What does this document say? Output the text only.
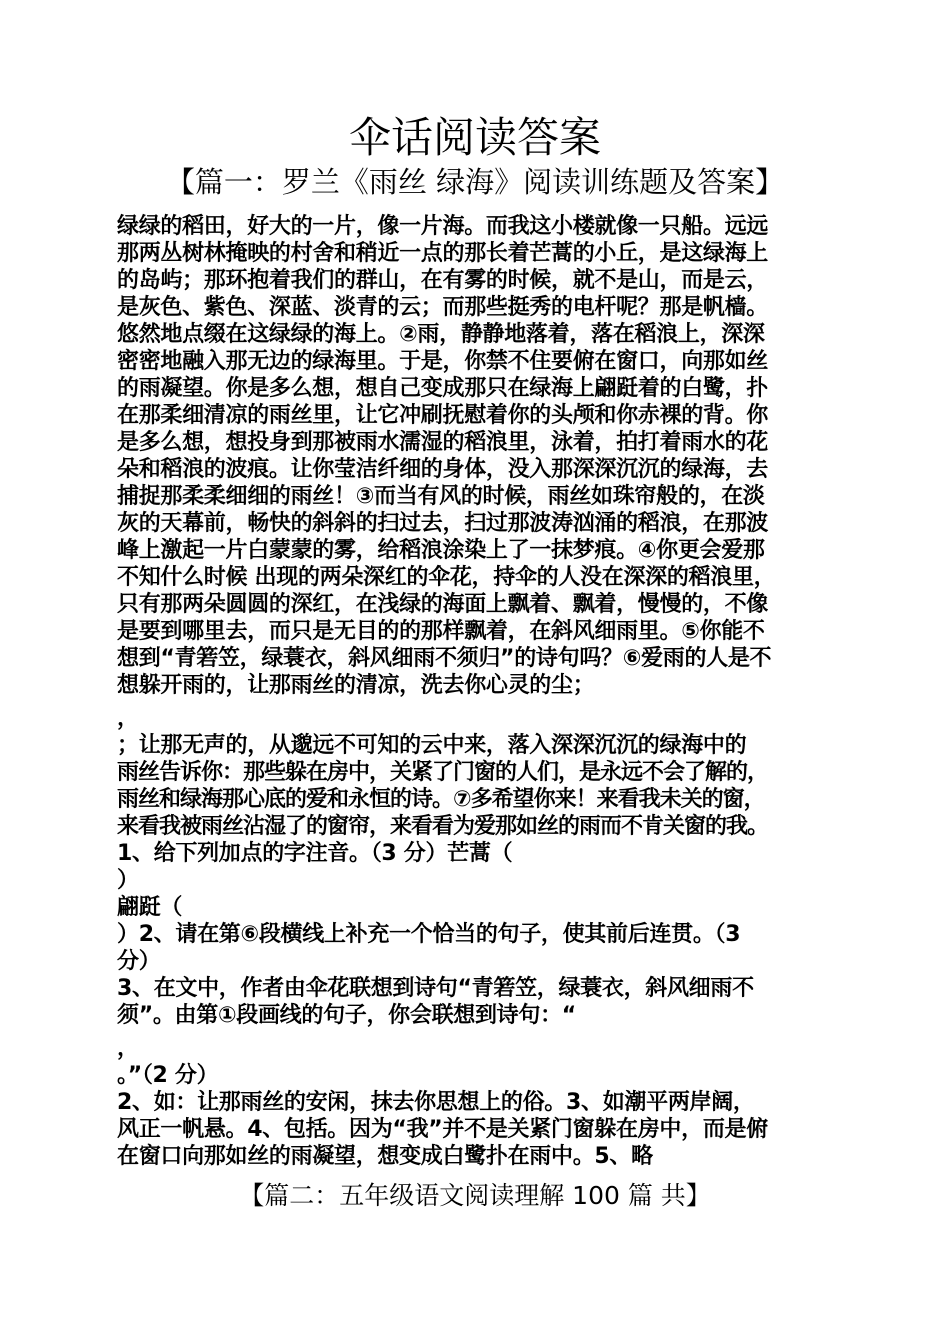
伞话阅读答案
【篇一：罗兰《雨丝 绿海》阅读训练题及答案】
绿绿的稻田，好大的一片，像一片海。而我这小楼就像一只船。远远
那两丛树林掩映的村舍和稍近一点的那长着芒蒿的小丘，是这绿海上
的岛屿；那环抱着我们的群山，在有雾的时候，就不是山，而是云，
是灰色、紫色、深蓝、淡青的云；而那些挺秀的电杆呢？那是帆樯。
悠然地点缀在这绿绿的海上。②雨，静静地落着，落在稻浪上，深深
密密地融入那无边的绿海里。于是，你禁不住要俯在窗口，向那如丝
的雨凝望。你是多么想，想自己变成那只在绿海上翩跹着的白鹭，扑
在那柔细清凉的雨丝里，让它冲刷抚慰着你的头颅和你赤裸的背。你
是多么想，想投身到那被雨水濡湿的稻浪里，泳着，拍打着雨水的花
朵和稻浪的波痕。让你莹洁纤细的身体，没入那深深沉沉的绿海，去
捕捉那柔柔细细的雨丝！③而当有风的时候，雨丝如珠帘般的，在淡
灰的天幕前，畅快的斜斜的扫过去，扫过那波涛汹涌的稻浪，在那波
峰上激起一片白蒙蒙的雾，给稻浪涂染上了一抹梦痕。④你更会爱那
不知什么时候 出现的两朵深红的伞花，持伞的人没在深深的稻浪里，
只有那两朵圆圆的深红，在浅绿的海面上飘着、飘着，慢慢的，不像
是要到哪里去，而只是无目的的那样飘着，在斜风细雨里。⑤你能不
想到“青箬笠，绿蓑衣，斜风细雨不须归”的诗句吗？⑥爱雨的人是不
想躲开雨的，让那雨丝的清凉，洗去你心灵的尘；
，
；让那无声的，从邈远不可知的云中来，落入深深沉沉的绿海中的
雨丝告诉你：那些躲在房中，关紧了门窗的人们，是永远不会了解的，
雨丝和绿海那心底的爱和永恒的诗。⑦多希望你来！来看我未关的窗，
来看我被雨丝沾湿了的窗帘，来看看为爱那如丝的雨而不肯关窗的我。
1、给下列加点的字注音。（3 分）芒蒿（
）
翩跹（
）2、请在第⑥段横线上补充一个恰当的句子，使其前后连贯。（3
分）
3、在文中，作者由伞花联想到诗句“青箬笠，绿蓑衣，斜风细雨不
须”。由第①段画线的句子，你会联想到诗句：“
，
。”（2 分）
2、如：让那雨丝的安闲，抹去你思想上的俗。3、如潮平两岸阔，
风正一帆悬。4、包括。因为“我”并不是关紧门窗躲在房中，而是俯
在窗口向那如丝的雨凝望，想变成白鹭扑在雨中。5、略
【篇二：五年级语文阅读理解 100 篇 共】
